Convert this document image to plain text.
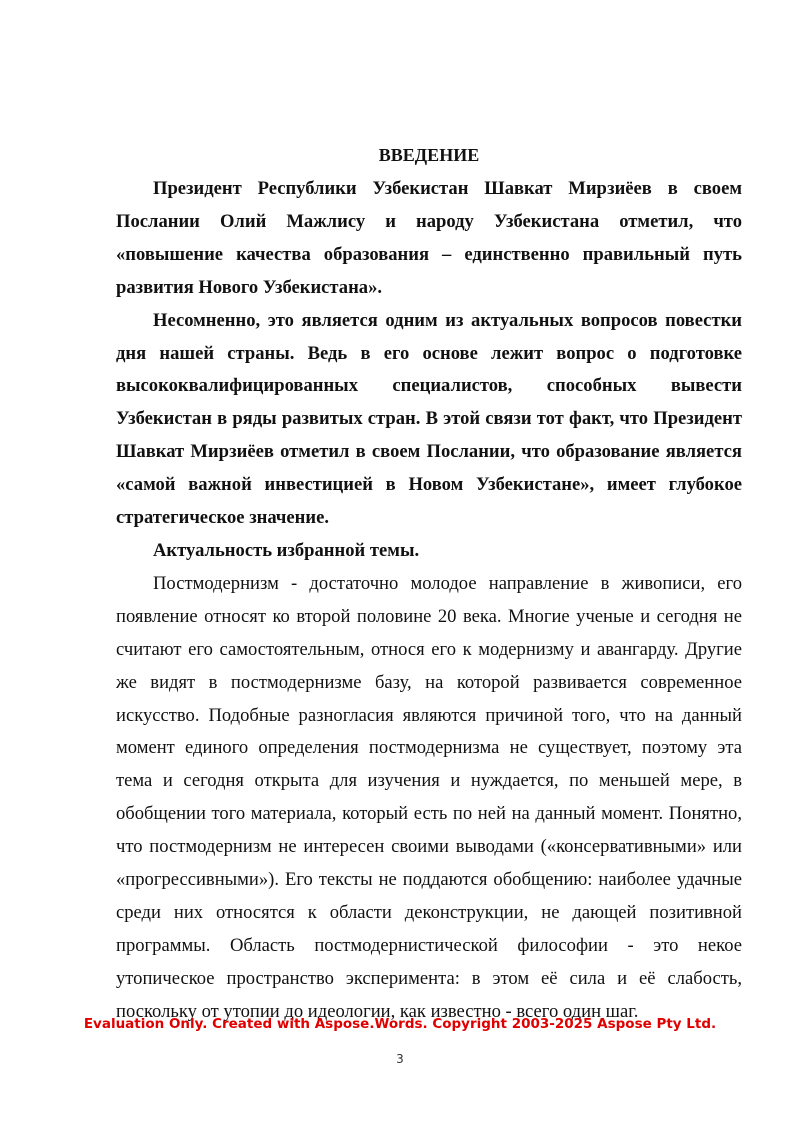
ВВЕДЕНИЕ

Президент Республики Узбекистан Шавкат Мирзиёев в своем Послании Олий Мажлису и народу Узбекистана отметил, что «повышение качества образования – единственно правильный путь развития Нового Узбекистана».

Несомненно, это является одним из актуальных вопросов повестки дня нашей страны. Ведь в его основе лежит вопрос о подготовке высококвалифицированных специалистов, способных вывести Узбекистан в ряды развитых стран. В этой связи тот факт, что Президент Шавкат Мирзиёев отметил в своем Послании, что образование является «самой важной инвестицией в Новом Узбекистане», имеет глубокое стратегическое значение.

Актуальность избранной темы.

Постмодернизм - достаточно молодое направление в живописи, его появление относят ко второй половине 20 века. Многие ученые и сегодня не считают его самостоятельным, относя его к модернизму и авангарду. Другие же видят в постмодернизме базу, на которой развивается современное искусство. Подобные разногласия являются причиной того, что на данный момент единого определения постмодернизма не существует, поэтому эта тема и сегодня открыта для изучения и нуждается, по меньшей мере, в обобщении того материала, который есть по ней на данный момент. Понятно, что постмодернизм не интересен своими выводами («консервативными» или «прогрессивными»). Его тексты не поддаются обобщению: наиболее удачные среди них относятся к области деконструкции, не дающей позитивной программы. Область постмодернистической философии - это некое утопическое пространство эксперимента: в этом её сила и её слабость, поскольку от утопии до идеологии, как известно - всего один шаг.

Evaluation Only. Created with Aspose.Words. Copyright 2003-2025 Aspose Pty Ltd.
3
